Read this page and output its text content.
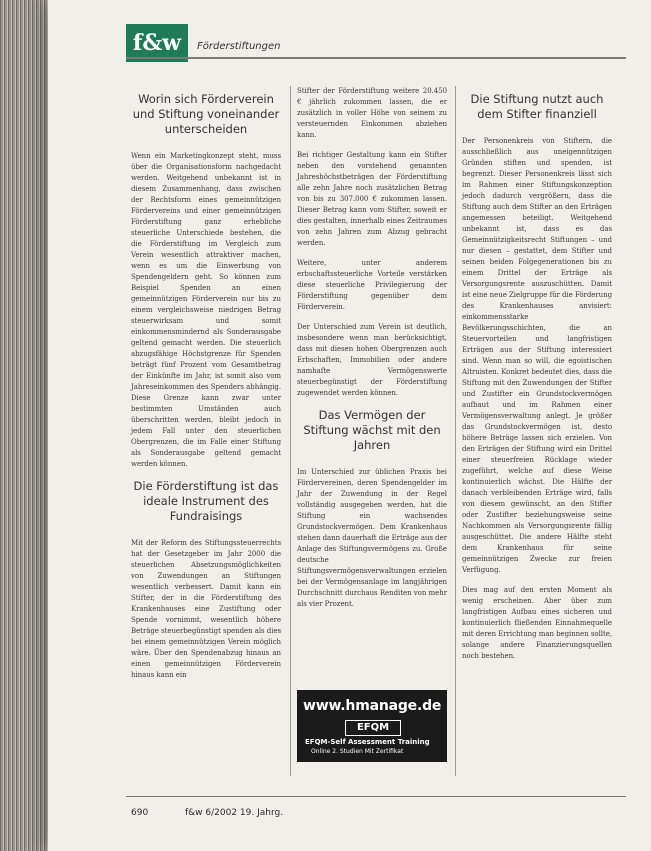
f&w	Förderstiftungen
Worin sich Förderverein und Stiftung voneinander unterscheiden

Wenn ein Marketingkonzept steht, muss über die Organisationsform nachgedacht werden. Weitgehend unbekannt ist in diesem Zusammenhang, dass zwischen der Rechtsform eines gemeinnützigen Fördervereins und einer gemeinnützigen Förderstiftung ganz erhebliche steuerliche Unterschiede bestehen, die die Förderstiftung im Vergleich zum Verein wesentlich attraktiver machen, wenn es um die Einwerbung von Spendengeldern geht. So können zum Beispiel Spenden an einen gemeinnützigen Förderverein nur bis zu einem vergleichsweise niedrigen Betrag steuerwirksam und somit einkommensmindernd als Sonderausgabe geltend gemacht werden. Die steuerlich abzugsfähige Höchstgrenze für Spenden beträgt fünf Prozent vom Gesamtbetrag der Einkünfte im Jahr, ist somit also vom Jahreseinkommen des Spenders abhängig. Diese Grenze kann zwar unter bestimmten Umständen auch überschritten werden, bleibt jedoch in jedem Fall unter den steuerlichen Obergrenzen, die im Falle einer Stiftung als Sonderausgabe geltend gemacht werden können.

Die Förderstiftung ist das ideale Instrument des Fundraisings

Mit der Reform des Stiftungssteuerrechts hat der Gesetzgeber im Jahr 2000 die steuerlichen Absetzungsmöglichkeiten von Zuwendungen an Stiftungen wesentlich verbessert. Damit kann ein Stifter, der in die Förderstiftung des Krankenhauses eine Zustiftung oder Spende vornimmt, wesentlich höhere Beträge steuerbegünstigt spenden als dies bei einem gemeinnützigen Verein möglich wäre. Über den Spendenabzug hinaus an einen gemeinnützigen Förderverein hinaus kann ein

Stifter der Förderstiftung weitere 20.450 € jährlich zukommen lassen, die er zusätzlich in voller Höhe von seinem zu versteuernden Einkommen abziehen kann.

Bei richtiger Gestaltung kann ein Stifter neben den vorstehend genannten Jahreshöchstbeträgen der Förderstiftung alle zehn Jahre noch zusätzlichen Betrag von bis zu 307.000 € zukommen lassen. Dieser Betrag kann vom Stifter, soweit er dies gestalten, innerhalb eines Zeitraumes von zehn Jahren zum Abzug gebracht werden.

Weitere, unter anderem erbschaftssteuerliche Vorteile verstärken diese steuerliche Privilegierung der Förderstiftung gegenüber dem Förderverein.

Der Unterschied zum Verein ist deutlich, insbesondere wenn man berücksichtigt, dass mit diesen hohen Obergrenzen auch Erbschaften, Immobilien oder andere namhafte Vermögenswerte steuerbegünstigt der Förderstiftung zugewendet werden können.

Das Vermögen der Stiftung wächst mit den Jahren

Im Unterschied zur üblichen Praxis bei Fördervereinen, deren Spendengelder im Jahr der Zuwendung in der Regel vollständig ausgegeben werden, hat die Stiftung ein wachsendes Grundstockvermögen. Dem Krankenhaus stehen dann dauerhaft die Erträge aus der Anlage des Stiftungsvermögens zu. Große deutsche Stiftungsvermögensverwaltungen erzielen bei der Vermögensanlage im langjährigen Durchschnitt durchaus Renditen von mehr als vier Prozent.

www.hmanage.de
EFQM
EFQM-Self Assessment Training
Online 2. Studien Mit Zertifikat
Die Stiftung nutzt auch dem Stifter finanziell

Der Personenkreis von Stiftern, die ausschließlich aus uneigennützigen Gründen stiften und spenden, ist begrenzt. Dieser Personenkreis lässt sich im Rahmen einer Stiftungskonzeption jedoch dadurch vergrößern, dass die Stiftung auch dem Stifter an den Erträgen angemessen beteiligt. Weitgehend unbekannt ist, dass es das Gemeinnützigkeitsrecht Stiftungen – und nur diesen – gestattet, dem Stifter und seinen beiden Folgegenerationen bis zu einem Drittel der Erträge als Versorgungsrente auszuschütten. Damit ist eine neue Zielgruppe für die Förderung des Krankenhauses anvisiert: einkommensstarke Bevölkerungsschichten, die an Steuervorteilen und langfristigen Erträgen aus der Stiftung interessiert sind. Wenn man so will, die egoistischen Altruisten. Konkret bedeutet dies, dass die Stiftung mit den Zuwendungen der Stifter und Zustifter ein Grundstockvermögen aufbaut und im Rahmen einer Vermögensverwaltung anlegt. Je größer das Grundstockvermögen ist, desto höhere Beträge lassen sich erzielen. Von den Erträgen der Stiftung wird ein Drittel einer steuerfreien Rücklage wieder zugeführt, welche auf diese Weise kontinuierlich wächst. Die Hälfte der danach verbleibenden Erträge wird, falls von diesem gewünscht, an den Stifter oder Zustifter beziehungsweise seine Nachkommen als Versorgungsrente fällig ausgeschüttet. Die andere Hälfte steht dem Krankenhaus für seine gemeinnützigen Zwecke zur freien Verfügung.

Dies mag auf den ersten Moment als wenig erscheinen. Aber über zum langfristigen Aufbau eines sicheren und kontinuierlich fließenden Einnahmequelle mit deren Errichtung man beginnen sollte, solange andere Finanzierungsquellen noch bestehen.

690	f&w 6/2002 19. Jahrg.
